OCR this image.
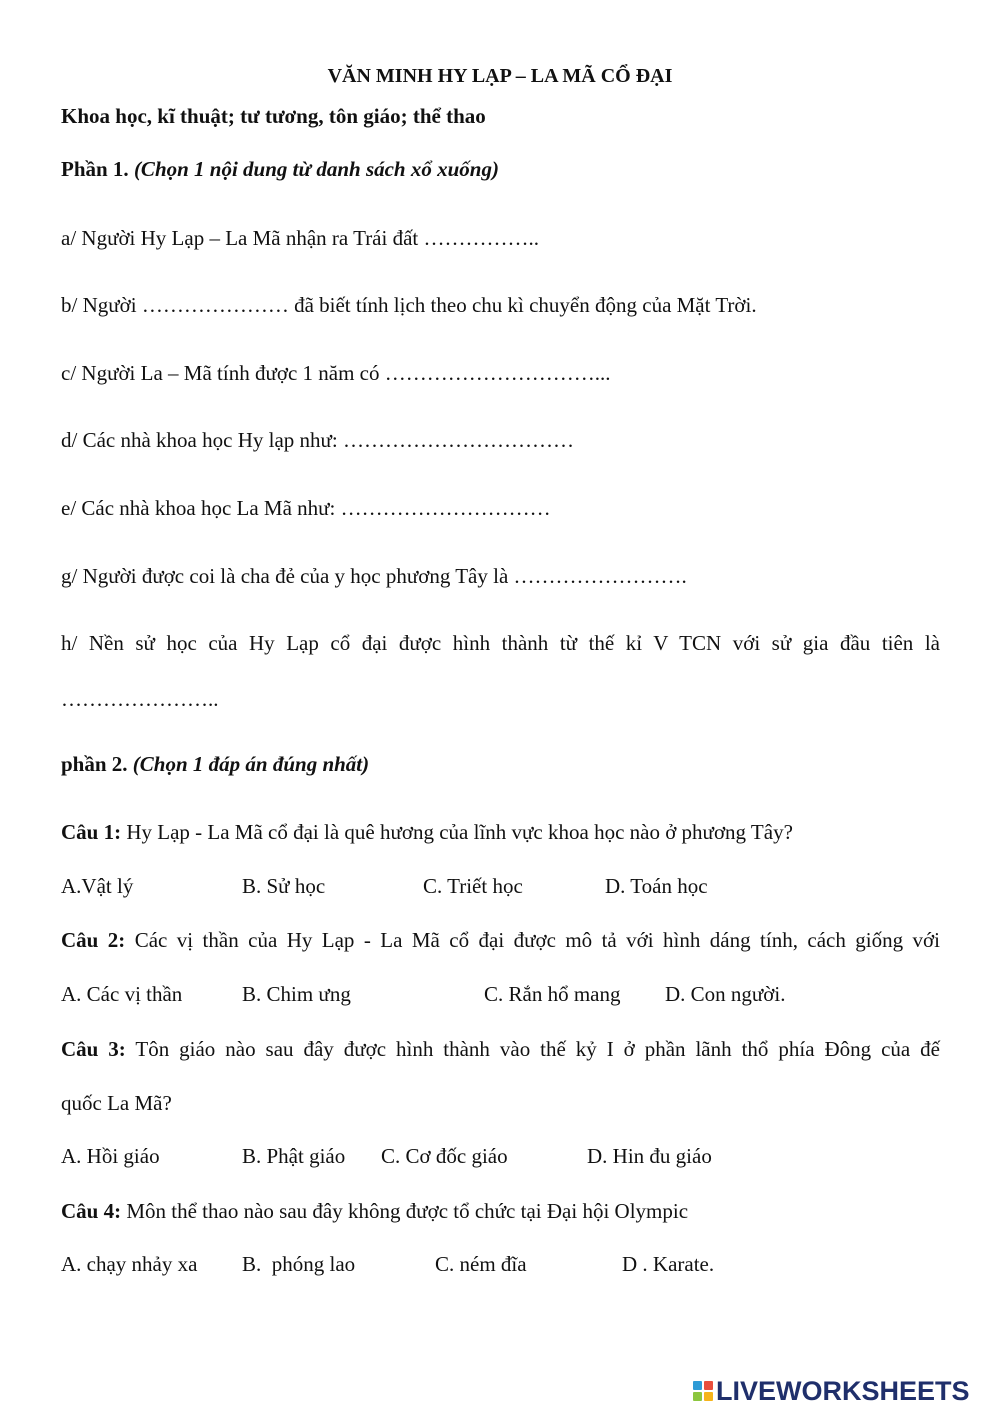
VĂN MINH HY LẠP – LA MÃ CỔ ĐẠI
Khoa học, kĩ thuật; tư tương, tôn giáo; thể thao
Phần 1. (Chọn 1 nội dung từ danh sách xổ xuống)
a/ Người Hy Lạp – La Mã nhận ra Trái đất ……………..
b/ Người ………………… đã biết tính lịch theo chu kì chuyển động của Mặt Trời.
c/ Người La – Mã tính được 1 năm có …………………………...
d/ Các nhà khoa học Hy lạp như: ……………………………
e/ Các nhà khoa học La Mã như: …………………………
g/ Người được coi là cha đẻ của y học phương Tây là …………………….
h/ Nền sử học của Hy Lạp cổ đại được hình thành từ thế kỉ V TCN với sử gia đầu tiên là
…………………..
phần 2. (Chọn 1 đáp án đúng nhất)
Câu 1: Hy Lạp - La Mã cổ đại là quê hương của lĩnh vực khoa học nào ở phương Tây?
A.Vật lý	B. Sử học	C. Triết học	D. Toán học
Câu 2: Các vị thần của Hy Lạp - La Mã cổ đại được mô tả với hình dáng tính, cách giống với
A. Các vị thần	B. Chim ưng	C. Rắn hổ mang D. Con người.
Câu 3: Tôn giáo nào sau đây được hình thành vào thế kỷ I ở phần lãnh thổ phía Đông của đế
quốc La Mã?
A. Hồi giáo	B. Phật giáo C. Cơ đốc giáo	D. Hin đu giáo
Câu 4: Môn thể thao nào sau đây không được tổ chức tại Đại hội Olympic
A. chạy nhảy xa B.  phóng lao	C. ném đĩa	D . Karate.
LIVEWORKSHEETS
